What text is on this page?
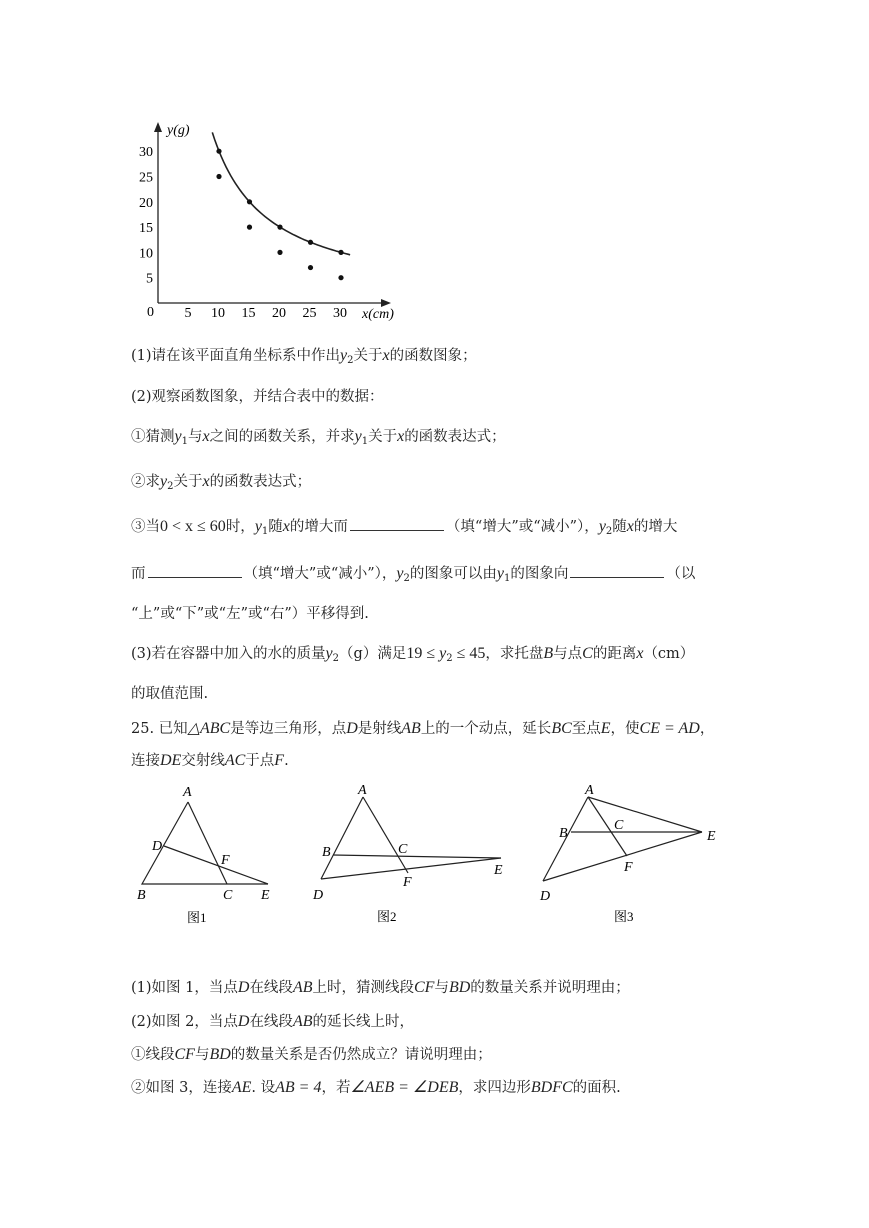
y(g)
x(cm)
0 5 10 15 20 25 30
5
10
15
20
25
30
(1)请在该平面直角坐标系中作出$y_2$关于x的函数图象；
(2)观察函数图象，并结合表中的数据：
①猜测$y_1$与x之间的函数关系，并求$y_1$关于x的函数表达式；
②求$y_2$关于x的函数表达式；
③当0 < x ≤ 60时，$y_1$随x的增大而	（填“增大”或“减小”），$y_2$随x的增大
而	（填“增大”或“减小”），$y_2$的图象可以由$y_1$的图象向	（以
“上”或“下”或“左”或“右”）平移得到.
(3)若在容器中加入的水的质量$y_2(g)$满足$19 \le y_2 \le 45$，求托盘B与点C的距离x（cm）
的取值范围.
25. 已知△ABC是等边三角形，点D是射线AB上的一个动点，延长BC至点E，使CE = AD，
连接DE交射线AC于点F.
A
D
F
B	C E
图1
A
B	C
F
E
D
图2
A
B
C
E
F
D
图3
(1)如图 1，当点D在线段AB上时，猜测线段CF与BD的数量关系并说明理由；
(2)如图 2，当点D在线段AB的延长线上时，
①线段CF与BD的数量关系是否仍然成立？请说明理由；
②如图 3，连接AE. 设AB = 4，若∠AEB = ∠DEB，求四边形BDFC的面积.
